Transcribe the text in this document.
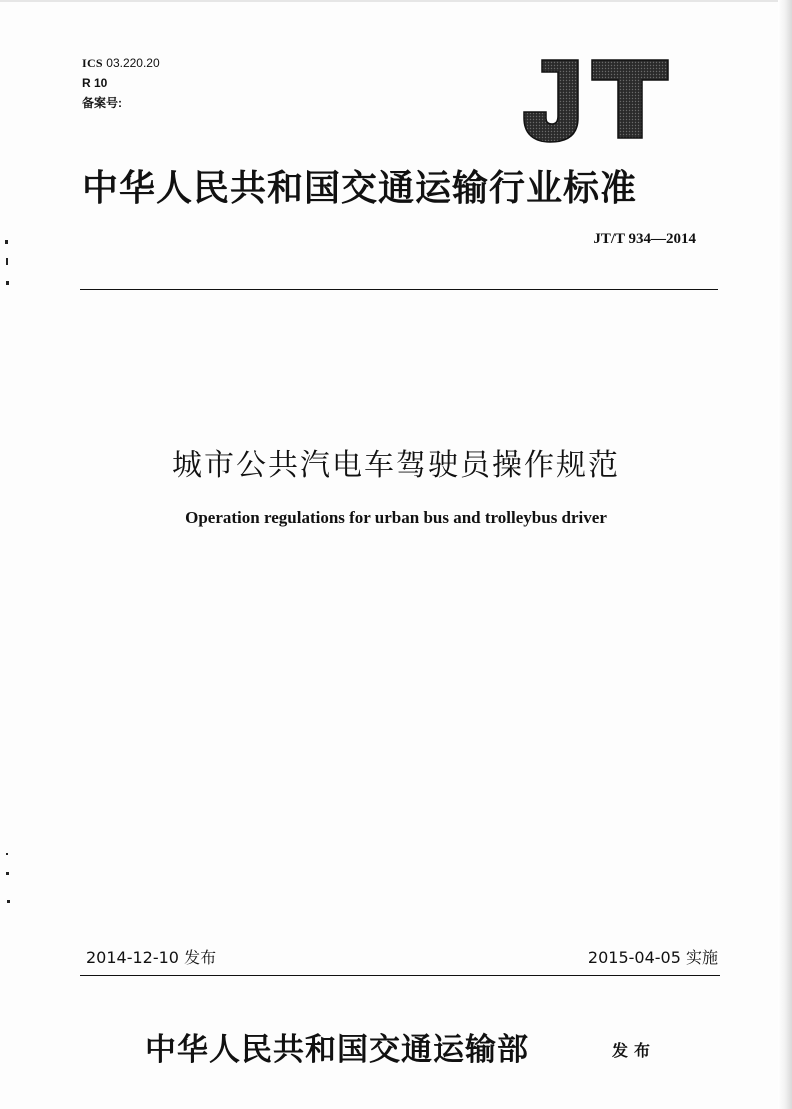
ICS 03.220.20
R 10
备案号:
中华人民共和国交通运输行业标准
JT/T 934—2014
城市公共汽电车驾驶员操作规范
Operation regulations for urban bus and trolleybus driver
2014-12-10 发布	2015-04-05 实施
中华人民共和国交通运输部	发布
